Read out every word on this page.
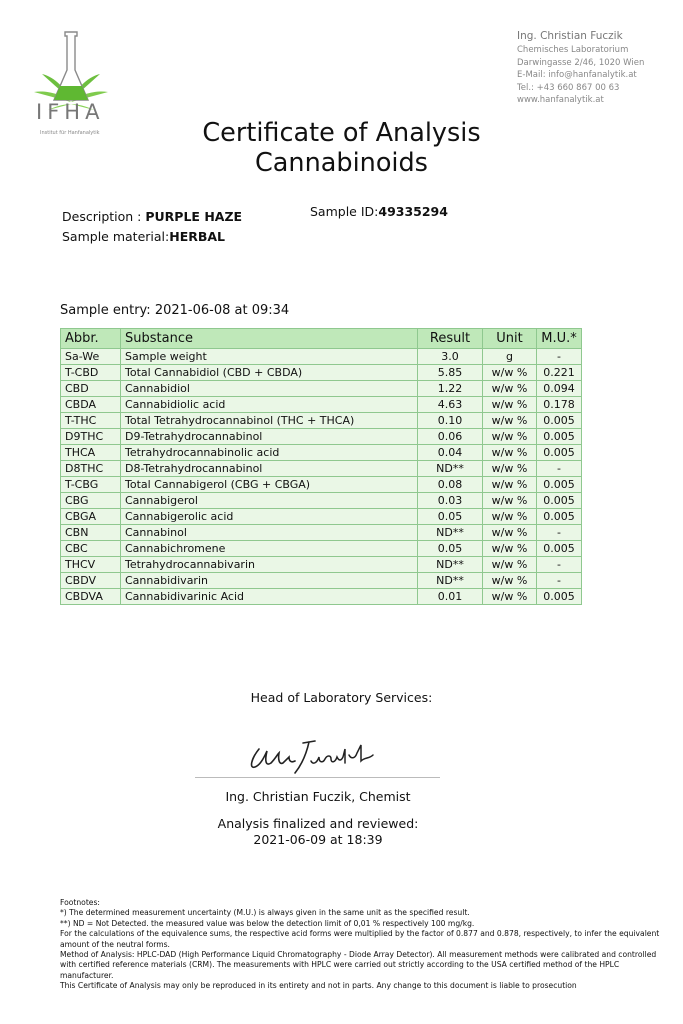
IFHA
Institut für Hanfanalytik
Ing. Christian Fuczik
Chemisches Laboratorium
Darwingasse 2/46, 1020 Wien
E-Mail: info@hanfanalytik.at
Tel.: +43 660 867 00 63
www.hanfanalytik.at
Certificate of Analysis
Cannabinoids
Description : PURPLE HAZE
Sample material:HERBAL
Sample ID:49335294
Sample entry: 2021-06-08 at 09:34
Abbr.	Substance	Result	Unit	M.U.*
Sa-We	Sample weight	3.0	g	-
T-CBD	Total Cannabidiol (CBD + CBDA)	5.85	w/w %	0.221
CBD	Cannabidiol	1.22	w/w %	0.094
CBDA	Cannabidiolic acid	4.63	w/w %	0.178
T-THC	Total Tetrahydrocannabinol (THC + THCA)	0.10	w/w %	0.005
D9THC	D9-Tetrahydrocannabinol	0.06	w/w %	0.005
THCA	Tetrahydrocannabinolic acid	0.04	w/w %	0.005
D8THC	D8-Tetrahydrocannabinol	ND**	w/w %	-
T-CBG	Total Cannabigerol (CBG + CBGA)	0.08	w/w %	0.005
CBG	Cannabigerol	0.03	w/w %	0.005
CBGA	Cannabigerolic acid	0.05	w/w %	0.005
CBN	Cannabinol	ND**	w/w %	-
CBC	Cannabichromene	0.05	w/w %	0.005
THCV	Tetrahydrocannabivarin	ND**	w/w %	-
CBDV	Cannabidivarin	ND**	w/w %	-
CBDVA	Cannabidivarinic Acid	0.01	w/w %	0.005
Head of Laboratory Services:
Ing. Christian Fuczik, Chemist
Analysis finalized and reviewed:
2021-06-09 at 18:39
Footnotes:
*) The determined measurement uncertainty (M.U.) is always given in the same unit as the specified result.
**) ND = Not Detected. the measured value was below the detection limit of 0,01 % respectively 100 mg/kg.
For the calculations of the equivalence sums, the respective acid forms were multiplied by the factor of 0.877 and 0.878, respectively, to infer the equivalent amount of the neutral forms.
Method of Analysis: HPLC-DAD (High Performance Liquid Chromatography - Diode Array Detector). All measurement methods were calibrated and controlled with certified reference materials (CRM). The measurements with HPLC were carried out strictly according to the USA certified method of the HPLC manufacturer.
This Certificate of Analysis may only be reproduced in its entirety and not in parts. Any change to this document is liable to prosecution
